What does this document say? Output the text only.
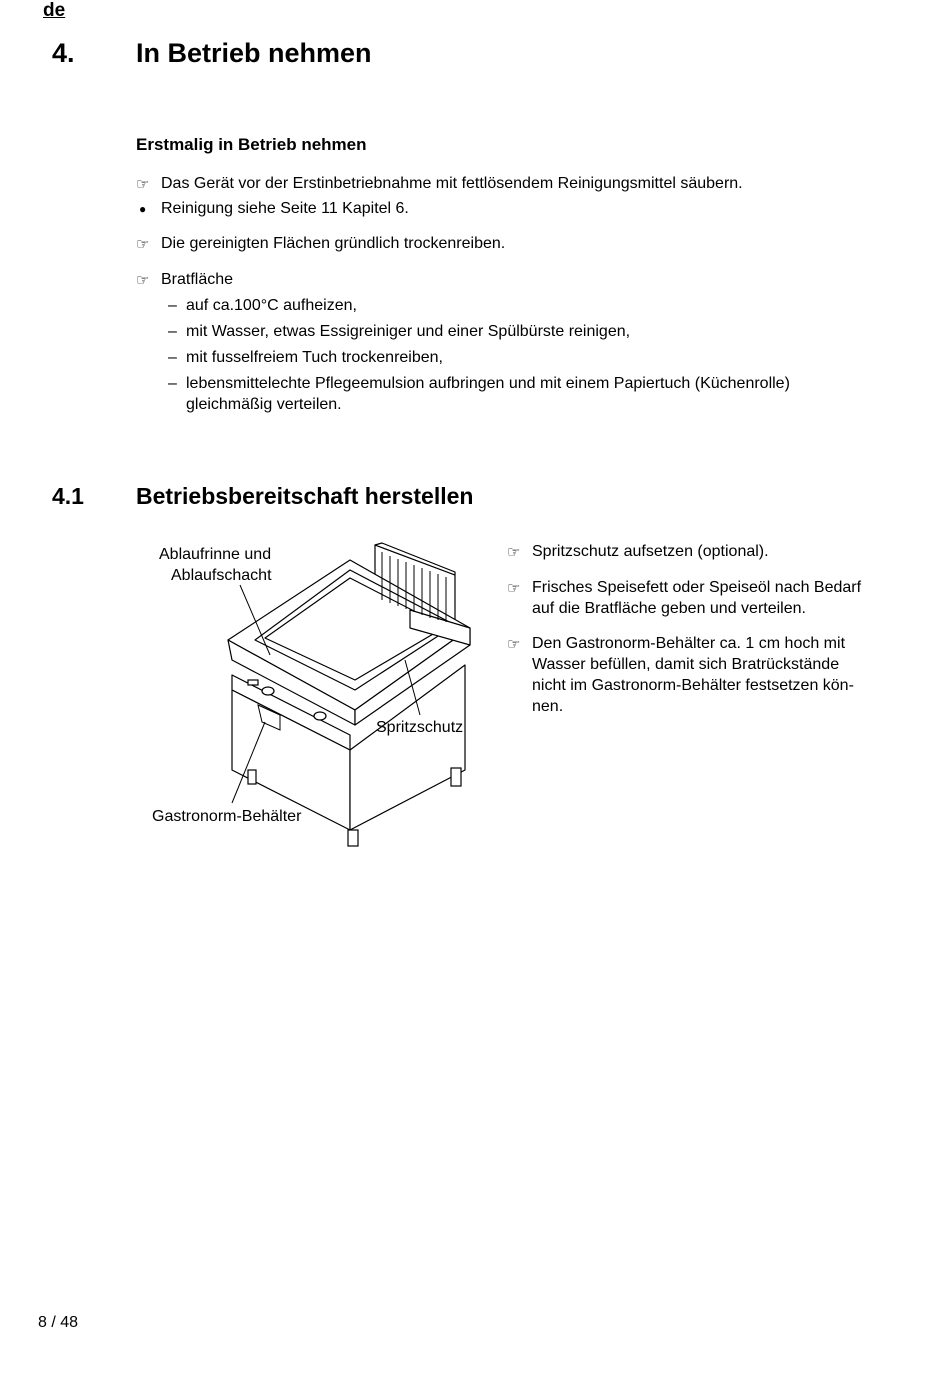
de
4. In Betrieb nehmen
Erstmalig in Betrieb nehmen
☞ Das Gerät vor der Erstinbetriebnahme mit fettlösendem Reinigungsmittel säubern.
● Reinigung siehe Seite 11 Kapitel 6.
☞ Die gereinigten Flächen gründlich trockenreiben.
☞ Bratfläche
– auf ca.100°C aufheizen,
– mit Wasser, etwas Essigreiniger und einer Spülbürste reinigen,
– mit fusselfreiem Tuch trockenreiben,
– lebensmittelechte Pflegeemulsion aufbringen und mit einem Papiertuch (Küchenrolle)
gleichmäßig verteilen.
4.1 Betriebsbereitschaft herstellen
Ablaufrinne und
Ablaufschacht
Spritzschutz
Gastronorm-Behälter
☞ Spritzschutz aufsetzen (optional).
☞ Frisches Speisefett oder Speiseöl nach Bedarf
auf die Bratfläche geben und verteilen.
☞ Den Gastronorm-Behälter ca. 1 cm hoch mit
Wasser befüllen, damit sich Bratrückstände
nicht im Gastronorm-Behälter festsetzen kön-
nen.
8 / 48
